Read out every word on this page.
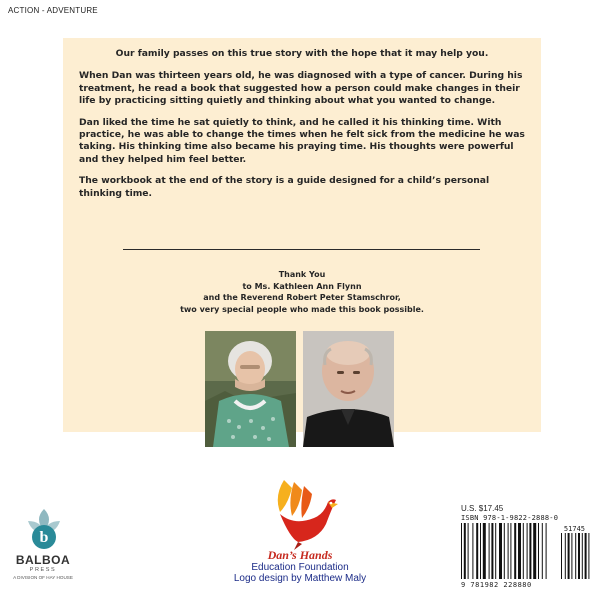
ACTION - ADVENTURE

Our family passes on this true story with the hope that it may help you.

When Dan was thirteen years old, he was diagnosed with a type of cancer. During his treatment, he read a book that suggested how a person could make changes in their life by practicing sitting quietly and thinking about what you wanted to change.

Dan liked the time he sat quietly to think, and he called it his thinking time. With practice, he was able to change the times when he felt sick from the medicine he was taking. His thinking time also became his praying time. His thoughts were powerful and they helped him feel better.

The workbook at the end of the story is a guide designed for a child’s personal thinking time.

Thank You
to Ms. Kathleen Ann Flynn
and the Reverend Robert Peter Stamschror,
two very special people who made this book possible.
b
BALBOA
PRESS
A DIVISION OF HAY HOUSE
Dan’s Hands
Education Foundation
Logo design by Matthew Maly
U.S. $17.45
ISBN 978-1-9822-2888-0
51745
9 781982 228880
